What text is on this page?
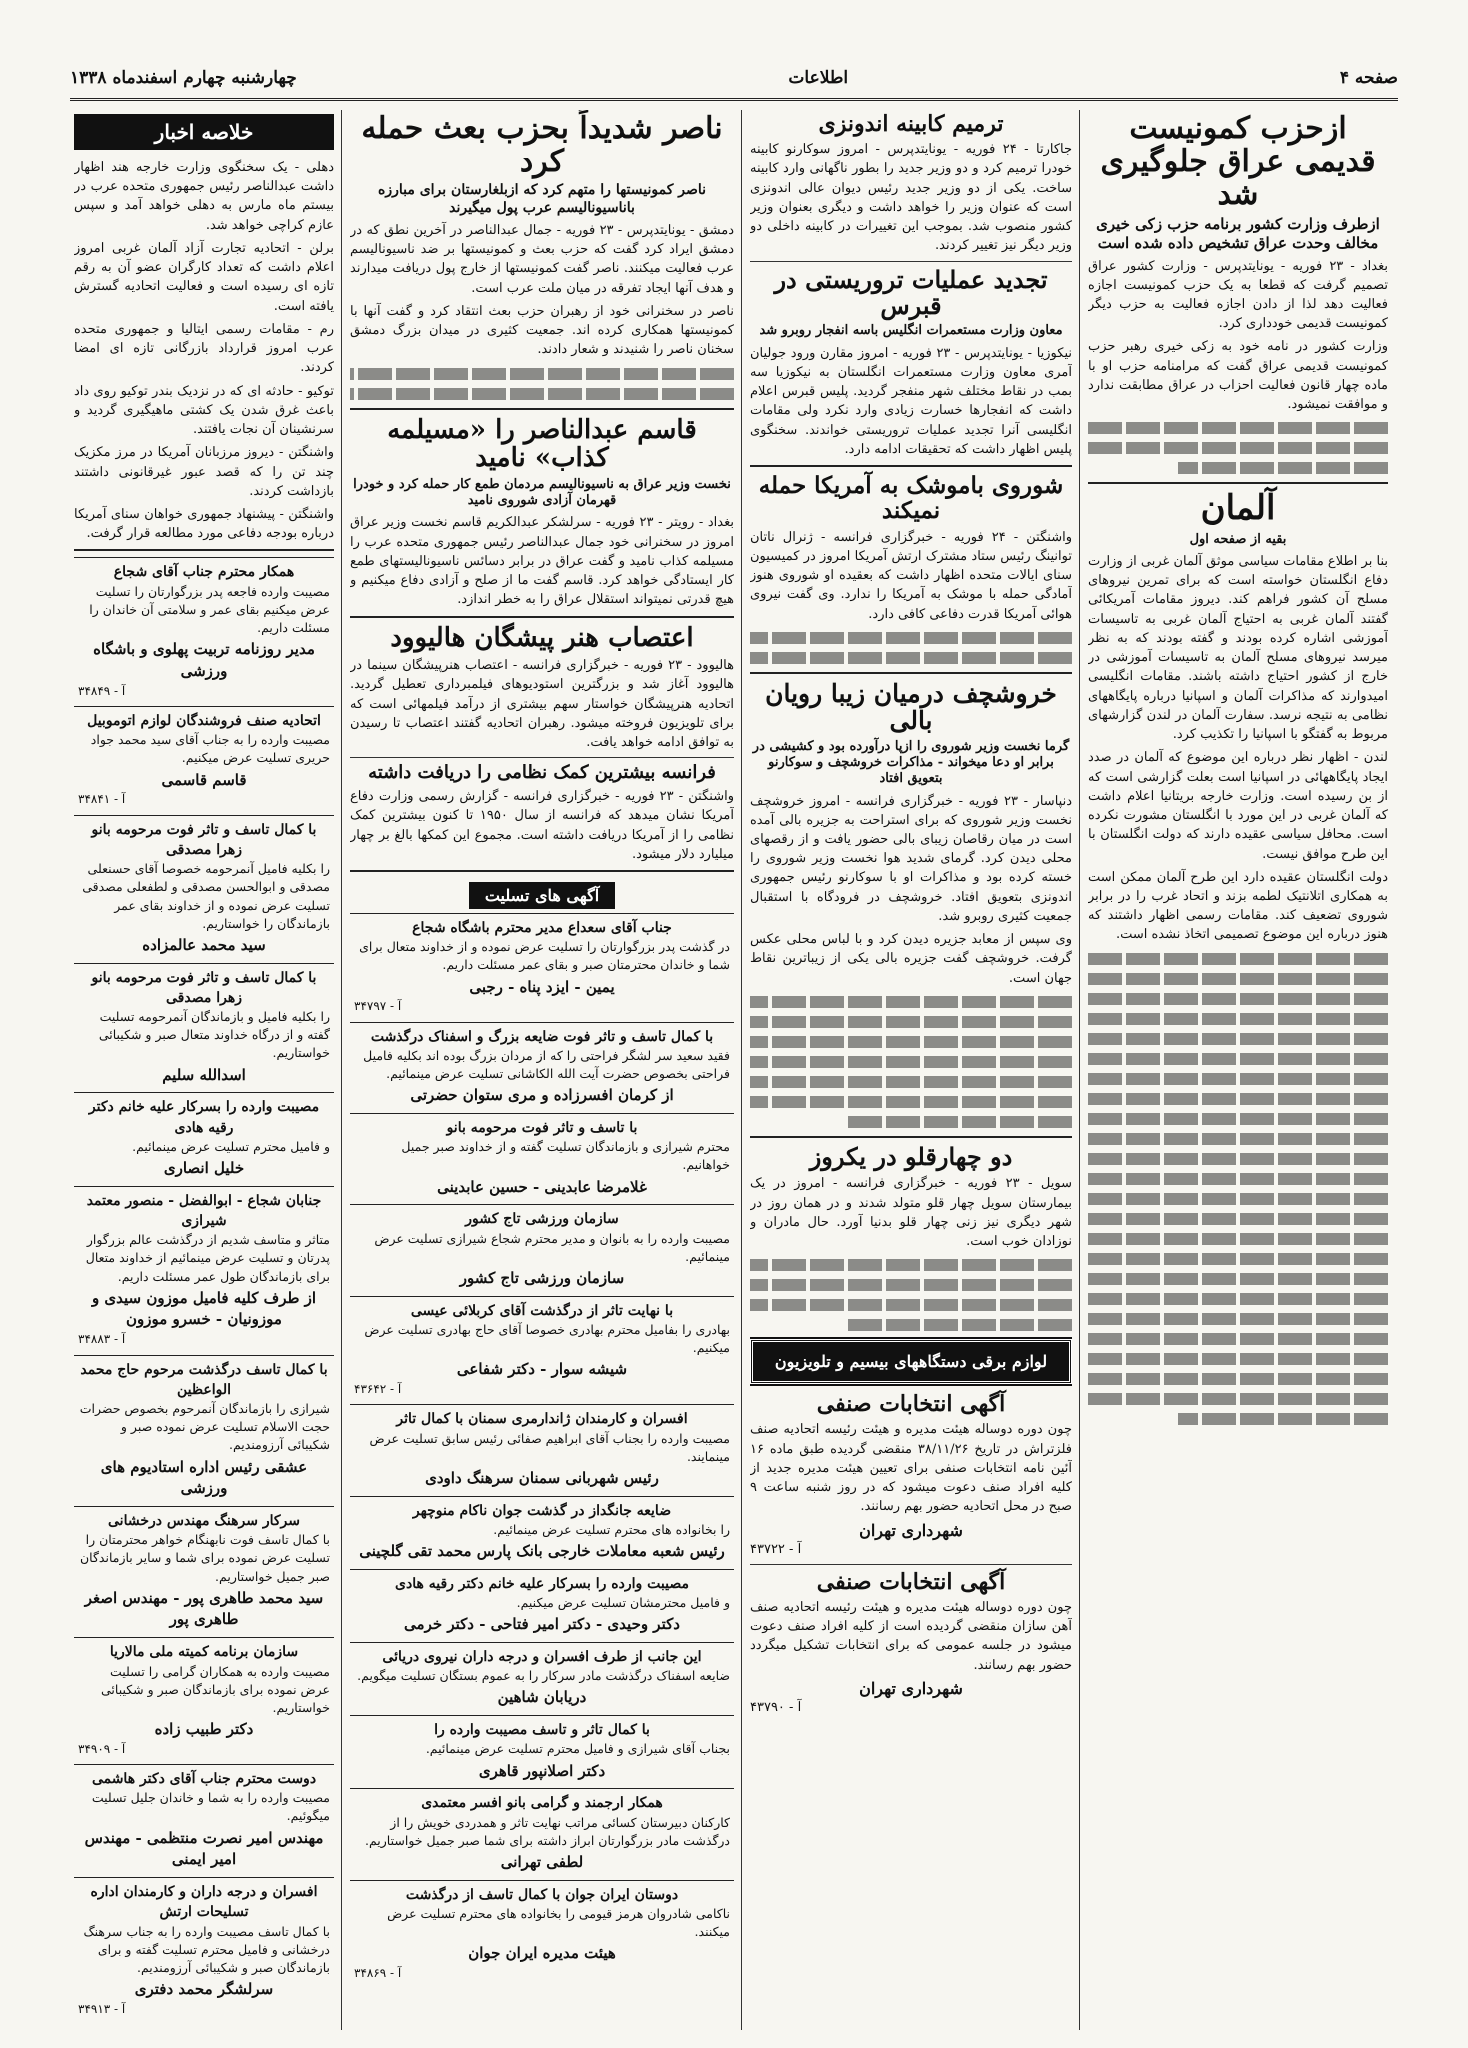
صفحه ۴
اطلاعات
چهارشنبه چهارم اسفندماه ۱۳۳۸
ازحزب کمونیست قدیمی عراق جلوگیری شد
ازطرف وزارت کشور برنامه حزب زکی خیری مخالف وحدت عراق تشخیص داده شده است

بغداد - ۲۳ فوریه - یونایتدپرس - وزارت کشور عراق تصمیم گرفت که قطعا به یک حزب کمونیست اجازه فعالیت دهد لذا از دادن اجازه فعالیت به حزب دیگر کمونیست قدیمی خودداری کرد.

وزارت کشور در نامه خود به زکی خیری رهبر حزب کمونیست قدیمی عراق گفت که مرامنامه حزب او با ماده چهار قانون فعالیت احزاب در عراق مطابقت ندارد و موافقت نمیشود.

آلمان
بقیه از صفحه اول

بنا بر اطلاع مقامات سیاسی موثق آلمان غربی از وزارت دفاع انگلستان خواسته است که برای تمرین نیروهای مسلح آن کشور فراهم کند. دیروز مقامات آمریکائی گفتند آلمان غربی به احتیاج آلمان غربی به تاسیسات آموزشی اشاره کرده بودند و گفته بودند که به نظر میرسد نیروهای مسلح آلمان به تاسیسات آموزشی در خارج از کشور احتیاج داشته باشند. مقامات انگلیسی امیدوارند که مذاکرات آلمان و اسپانیا درباره پایگاههای نظامی به نتیجه نرسد. سفارت آلمان در لندن گزارشهای مربوط به گفتگو با اسپانیا را تکذیب کرد.

لندن - اظهار نظر درباره این موضوع که آلمان در صدد ایجاد پایگاههائی در اسپانیا است بعلت گزارشی است که از بن رسیده است. وزارت خارجه بریتانیا اعلام داشت که آلمان غربی در این مورد با انگلستان مشورت نکرده است. محافل سیاسی عقیده دارند که دولت انگلستان با این طرح موافق نیست.

دولت انگلستان عقیده دارد این طرح آلمان ممکن است به همکاری اتلانتیک لطمه بزند و اتحاد غرب را در برابر شوروی تضعیف کند. مقامات رسمی اظهار داشتند که هنوز درباره این موضوع تصمیمی اتخاذ نشده است.

ترمیم کابینه اندونزی

جاکارتا - ۲۴ فوریه - یونایتدپرس - امروز سوکارنو کابینه خودرا ترمیم کرد و دو وزیر جدید را بطور ناگهانی وارد کابینه ساخت. یکی از دو وزیر جدید رئیس دیوان عالی اندونزی است که عنوان وزیر را خواهد داشت و دیگری بعنوان وزیر کشور منصوب شد. بموجب این تغییرات در کابینه داخلی دو وزیر دیگر نیز تغییر کردند.

تجدید عملیات تروریستی در قبرس
معاون وزارت مستعمرات انگلیس باسه انفجار روبرو شد

نیکوزیا - یونایتدپرس - ۲۳ فوریه - امروز مقارن ورود جولیان آمری معاون وزارت مستعمرات انگلستان به نیکوزیا سه بمب در نقاط مختلف شهر منفجر گردید. پلیس قبرس اعلام داشت که انفجارها خسارت زیادی وارد نکرد ولی مقامات انگلیسی آنرا تجدید عملیات تروریستی خواندند. سخنگوی پلیس اظهار داشت که تحقیقات ادامه دارد.

شوروی باموشک به آمریکا حمله نمیکند

واشنگتن - ۲۴ فوریه - خبرگزاری فرانسه - ژنرال ناتان توانینگ رئیس ستاد مشترک ارتش آمریکا امروز در کمیسیون سنای ایالات متحده اظهار داشت که بعقیده او شوروی هنوز آمادگی حمله با موشک به آمریکا را ندارد. وی گفت نیروی هوائی آمریکا قدرت دفاعی کافی دارد.

خروشچف درمیان زیبا رویان بالی
گرما نخست وزیر شوروی را ازپا درآورده بود و کشیشی در برابر او دعا میخواند - مذاکرات خروشچف و سوکارنو بتعویق افتاد

دنپاسار - ۲۳ فوریه - خبرگزاری فرانسه - امروز خروشچف نخست وزیر شوروی که برای استراحت به جزیره بالی آمده است در میان رقاصان زیبای بالی حضور یافت و از رقصهای محلی دیدن کرد. گرمای شدید هوا نخست وزیر شوروی را خسته کرده بود و مذاکرات او با سوکارنو رئیس جمهوری اندونزی بتعویق افتاد. خروشچف در فرودگاه با استقبال جمعیت کثیری روبرو شد.

وی سپس از معابد جزیره دیدن کرد و با لباس محلی عکس گرفت. خروشچف گفت جزیره بالی یکی از زیباترین نقاط جهان است.

دو چهارقلو در یکروز

سویل - ۲۳ فوریه - خبرگزاری فرانسه - امروز در یک بیمارستان سویل چهار قلو متولد شدند و در همان روز در شهر دیگری نیز زنی چهار قلو بدنیا آورد. حال مادران و نوزادان خوب است.

لوازم برقی دستگاههای بیسیم و تلویزیون
آگهی انتخابات صنفی

چون دوره دوساله هیئت مدیره و هیئت رئیسه اتحادیه صنف فلزتراش در تاریخ ۳۸/۱۱/۲۶ منقضی گردیده طبق ماده ۱۶ آئین نامه انتخابات صنفی برای تعیین هیئت مدیره جدید از کلیه افراد صنف دعوت میشود که در روز شنبه ساعت ۹ صبح در محل اتحادیه حضور بهم رسانند.

شهرداری تهران
آ - ۴۳۷۲۲
آگهی انتخابات صنفی

چون دوره دوساله هیئت مدیره و هیئت رئیسه اتحادیه صنف آهن سازان منقضی گردیده است از کلیه افراد صنف دعوت میشود در جلسه عمومی که برای انتخابات تشکیل میگردد حضور بهم رسانند.

شهرداری تهران
آ - ۴۳۷۹۰
ناصر شدیداً بحزب بعث حمله کرد
ناصر کمونیستها را متهم کرد که ازبلغارستان برای مبارزه باناسیونالیسم عرب پول میگیرند

دمشق - یونایتدپرس - ۲۳ فوریه - جمال عبدالناصر در آخرین نطق که در دمشق ایراد کرد گفت که حزب بعث و کمونیستها بر ضد ناسیونالیسم عرب فعالیت میکنند. ناصر گفت کمونیستها از خارج پول دریافت میدارند و هدف آنها ایجاد تفرقه در میان ملت عرب است.

ناصر در سخنرانی خود از رهبران حزب بعث انتقاد کرد و گفت آنها با کمونیستها همکاری کرده اند. جمعیت کثیری در میدان بزرگ دمشق سخنان ناصر را شنیدند و شعار دادند.

قاسم عبدالناصر را «مسیلمه کذاب» نامید
نخست وزیر عراق به ناسیونالیسم مردمان طمع کار حمله کرد و خودرا قهرمان آزادی شوروی نامید

بغداد - رویتر - ۲۳ فوریه - سرلشکر عبدالکریم قاسم نخست وزیر عراق امروز در سخنرانی خود جمال عبدالناصر رئیس جمهوری متحده عرب را مسیلمه کذاب نامید و گفت عراق در برابر دسائس ناسیونالیستهای طمع کار ایستادگی خواهد کرد. قاسم گفت ما از صلح و آزادی دفاع میکنیم و هیچ قدرتی نمیتواند استقلال عراق را به خطر اندازد.

اعتصاب هنر پیشگان هالیوود

هالیوود - ۲۳ فوریه - خبرگزاری فرانسه - اعتصاب هنرپیشگان سینما در هالیوود آغاز شد و بزرگترین استودیوهای فیلمبرداری تعطیل گردید. اتحادیه هنرپیشگان خواستار سهم بیشتری از درآمد فیلمهائی است که برای تلویزیون فروخته میشود. رهبران اتحادیه گفتند اعتصاب تا رسیدن به توافق ادامه خواهد یافت.

فرانسه بیشترین کمک نظامی را دریافت داشته

واشنگتن - ۲۳ فوریه - خبرگزاری فرانسه - گزارش رسمی وزارت دفاع آمریکا نشان میدهد که فرانسه از سال ۱۹۵۰ تا کنون بیشترین کمک نظامی را از آمریکا دریافت داشته است. مجموع این کمکها بالغ بر چهار میلیارد دلار میشود.

آگهی های تسلیت
جناب آقای سعداع مدیر محترم باشگاه شجاع
در گذشت پدر بزرگوارتان را تسلیت عرض نموده و از خداوند متعال برای شما و خاندان محترمتان صبر و بقای عمر مسئلت داریم.
یمین - ایزد پناه - رجبی
آ - ۳۴۷۹۷
با کمال تاسف و تاثر فوت ضایعه بزرگ و اسفناک درگذشت
فقید سعید سر لشگر فراحتی را که از مردان بزرگ بوده اند بکلیه فامیل فراحتی بخصوص حضرت آیت الله الکاشانی تسلیت عرض مینمائیم.
از کرمان افسرزاده و مری ستوان حضرتی
با تاسف و تاثر فوت مرحومه بانو
محترم شیرازی و بازماندگان تسلیت گفته و از خداوند صبر جمیل خواهانیم.
غلامرضا عابدینی - حسین عابدینی
سازمان ورزشی تاج کشور
مصیبت وارده را به بانوان و مدیر محترم شجاع شیرازی تسلیت عرض مینمائیم.
سازمان ورزشی تاج کشور
با نهایت تاثر از درگذشت آقای کربلائی عیسی
بهادری را بفامیل محترم بهادری خصوصا آقای حاج بهادری تسلیت عرض میکنیم.
شیشه سوار - دکتر شفاعی
آ - ۴۳۶۴۲
افسران و کارمندان ژاندارمری سمنان با کمال تاثر
مصیبت وارده را بجناب آقای ابراهیم صفائی رئیس سابق تسلیت عرض مینمایند.
رئیس شهربانی سمنان سرهنگ داودی
ضایعه جانگداز در گذشت جوان ناکام منوچهر
را بخانواده های محترم تسلیت عرض مینمائیم.
رئیس شعبه معاملات خارجی بانک پارس محمد تقی گلچینی
مصیبت وارده را بسرکار علیه خانم دکتر رقیه هادی
و فامیل محترمشان تسلیت عرض میکنیم.
دکتر وحیدی - دکتر امیر فتاحی - دکتر خرمی
این جانب از طرف افسران و درجه داران نیروی دریائی
ضایعه اسفناک درگذشت مادر سرکار را به عموم بستگان تسلیت میگویم.
دریابان شاهین
با کمال تاثر و تاسف مصیبت وارده را
بجناب آقای شیرازی و فامیل محترم تسلیت عرض مینمائیم.
دکتر اصلانپور قاهری
همکار ارجمند و گرامی بانو افسر معتمدی
کارکنان دبیرستان کسائی مراتب نهایت تاثر و همدردی خویش را از درگذشت مادر بزرگوارتان ابراز داشته برای شما صبر جمیل خواستاریم.
لطفی تهرانی
دوستان ایران جوان با کمال تاسف از درگذشت
ناکامی شادروان هرمز قیومی را بخانواده های محترم تسلیت عرض میکنند.
هیئت مدیره ایران جوان
آ - ۳۴۸۶۹
خلاصه اخبار

دهلی - یک سخنگوی وزارت خارجه هند اظهار داشت عبدالناصر رئیس جمهوری متحده عرب در بیستم ماه مارس به دهلی خواهد آمد و سپس عازم کراچی خواهد شد.

برلن - اتحادیه تجارت آزاد آلمان غربی امروز اعلام داشت که تعداد کارگران عضو آن به رقم تازه ای رسیده است و فعالیت اتحادیه گسترش یافته است.

رم - مقامات رسمی ایتالیا و جمهوری متحده عرب امروز قرارداد بازرگانی تازه ای امضا کردند.

توکیو - حادثه ای که در نزدیک بندر توکیو روی داد باعث غرق شدن یک کشتی ماهیگیری گردید و سرنشینان آن نجات یافتند.

واشنگتن - دیروز مرزبانان آمریکا در مرز مکزیک چند تن را که قصد عبور غیرقانونی داشتند بازداشت کردند.

واشنگتن - پیشنهاد جمهوری خواهان سنای آمریکا درباره بودجه دفاعی مورد مطالعه قرار گرفت.

همکار محترم جناب آقای شجاع
مصیبت وارده فاجعه پدر بزرگوارتان را تسلیت عرض میکنیم بقای عمر و سلامتی آن خاندان را مسئلت داریم.
مدیر روزنامه تربیت پهلوی و باشگاه ورزشی
آ - ۳۴۸۴۹
اتحادیه صنف فروشندگان لوازم اتوموبیل
مصیبت وارده را به جناب آقای سید محمد جواد حریری تسلیت عرض میکنیم.
قاسم قاسمی
آ - ۳۴۸۴۱
با کمال تاسف و تاثر فوت مرحومه بانو زهرا مصدقی
را بکلیه فامیل آنمرحومه خصوصا آقای حسنعلی مصدقی و ابوالحسن مصدقی و لطفعلی مصدقی تسلیت عرض نموده و از خداوند بقای عمر بازماندگان را خواستاریم.
سید محمد عالمزاده
با کمال تاسف و تاثر فوت مرحومه بانو زهرا مصدقی
را بکلیه فامیل و بازماندگان آنمرحومه تسلیت گفته و از درگاه خداوند متعال صبر و شکیبائی خواستاریم.
اسدالله سلیم
مصیبت وارده را بسرکار علیه خانم دکتر رقیه هادی
و فامیل محترم تسلیت عرض مینمائیم.
خلیل انصاری
جنابان شجاع - ابوالفضل - منصور معتمد شیرازی
متاثر و متاسف شدیم از درگذشت عالم بزرگوار پدرتان و تسلیت عرض مینمائیم از خداوند متعال برای بازماندگان طول عمر مسئلت داریم.
از طرف کلیه فامیل موزون سیدی و موزونیان - خسرو موزون
آ - ۳۴۸۸۳
با کمال تاسف درگذشت مرحوم حاج محمد الواعظین
شیرازی را بازماندگان آنمرحوم بخصوص حضرات حجت الاسلام تسلیت عرض نموده صبر و شکیبائی آرزومندیم.
عشقی رئیس اداره استادیوم های ورزشی
سرکار سرهنگ مهندس درخشانی
با کمال تاسف فوت نابهنگام خواهر محترمتان را تسلیت عرض نموده برای شما و سایر بازماندگان صبر جمیل خواستاریم.
سید محمد طاهری پور - مهندس اصغر طاهری پور
سازمان برنامه کمیته ملی مالاریا
مصیبت وارده به همکاران گرامی را تسلیت عرض نموده برای بازماندگان صبر و شکیبائی خواستاریم.
دکتر طبیب زاده
آ - ۳۴۹۰۹
دوست محترم جناب آقای دکتر هاشمی
مصیبت وارده را به شما و خاندان جلیل تسلیت میگوئیم.
مهندس امیر نصرت منتظمی - مهندس امیر ایمنی
افسران و درجه داران و کارمندان اداره تسلیحات ارتش
با کمال تاسف مصیبت وارده را به جناب سرهنگ درخشانی و فامیل محترم تسلیت گفته و برای بازماندگان صبر و شکیبائی آرزومندیم.
سرلشگر محمد دفتری
آ - ۳۴۹۱۳
